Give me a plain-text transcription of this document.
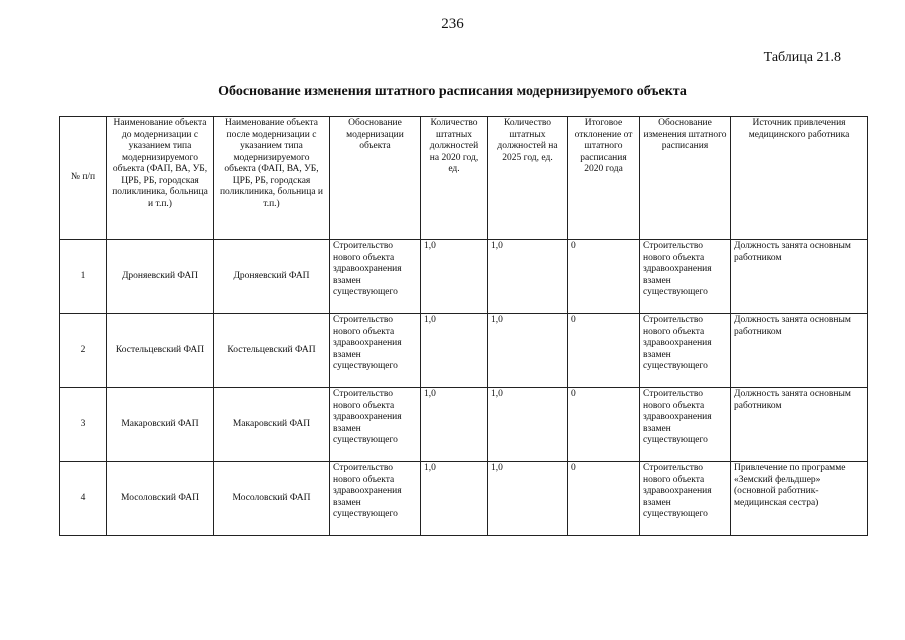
236
Таблица 21.8
Обоснование изменения штатного расписания модернизируемого объекта
№ п/п	Наименование объекта до модернизации с указанием типа модернизируемого объекта (ФАП, ВА, УБ, ЦРБ, РБ, городская поликлиника, больница и т.п.)	Наименование объекта после модернизации с указанием типа модернизируемого объекта (ФАП, ВА, УБ, ЦРБ, РБ, городская поликлиника, больница и т.п.)	Обоснование модернизации объекта	Количество штатных должностей на 2020 год, ед.	Количество штатных должностей на 2025 год, ед.	Итоговое отклонение от штатного расписания 2020 года	Обоснование изменения штатного расписания	Источник привлечения медицинского работника
1	Дроняевский ФАП	Дроняевский ФАП	Строительство нового объекта здравоохранения взамен существующего	1,0	1,0	0	Строительство нового объекта здравоохранения взамен существующего	Должность занята основным работником
2	Костельцевский ФАП	Костельцевский ФАП	Строительство нового объекта здравоохранения взамен существующего	1,0	1,0	0	Строительство нового объекта здравоохранения взамен существующего	Должность занята основным работником
3	Макаровский ФАП	Макаровский ФАП	Строительство нового объекта здравоохранения взамен существующего	1,0	1,0	0	Строительство нового объекта здравоохранения взамен существующего	Должность занята основным работником
4	Мосоловский ФАП	Мосоловский ФАП	Строительство нового объекта здравоохранения взамен существующего	1,0	1,0	0	Строительство нового объекта здравоохранения взамен существующего	Привлечение по программе «Земский фельдшер» (основной работник- медицинская сестра)
